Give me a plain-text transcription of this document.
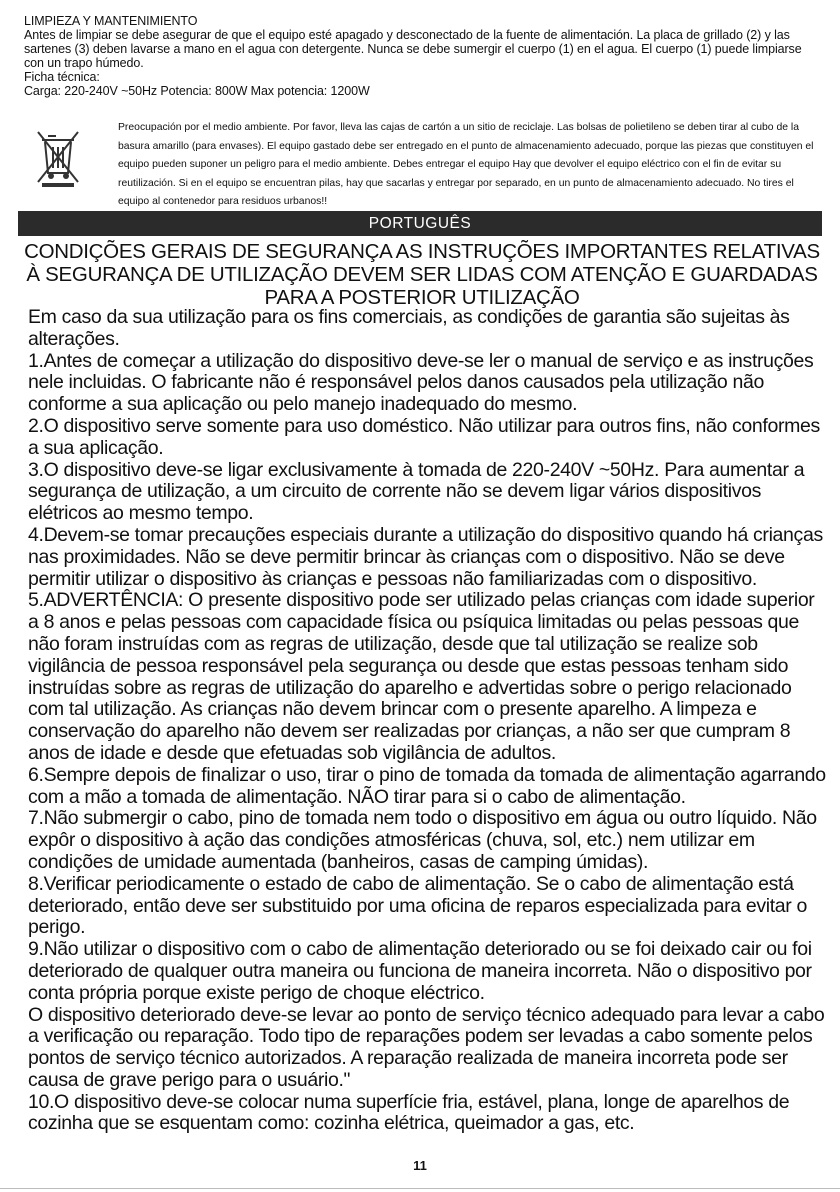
LIMPIEZA Y MANTENIMIENTO

Antes de limpiar se debe asegurar de que el equipo esté apagado y desconectado de la fuente de alimentación. La placa de grillado (2) y las sartenes (3) deben lavarse a mano en el agua con detergente. Nunca se debe sumergir el cuerpo (1) en el agua. El cuerpo (1) puede limpiarse con un trapo húmedo.

Ficha técnica:

Carga: 220-240V ~50Hz Potencia: 800W Max potencia: 1200W

Preocupación por el medio ambiente. Por favor, lleva las cajas de cartón a un sitio de reciclaje. Las bolsas de polietileno se deben tirar al cubo de la basura amarillo (para envases). El equipo gastado debe ser entregado en el punto de almacenamiento adecuado, porque las piezas que constituyen el equipo pueden suponer un peligro para el medio ambiente. Debes entregar el equipo Hay que devolver el equipo eléctrico con el fin de evitar su reutilización. Si en el equipo se encuentran pilas, hay que sacarlas y entregar por separado, en un punto de almacenamiento adecuado. No tires el equipo al contenedor para residuos urbanos!!

PORTUGUÊS
CONDIÇÕES GERAIS DE SEGURANÇA AS INSTRUÇÕES IMPORTANTES RELATIVAS À SEGURANÇA DE UTILIZAÇÃO DEVEM SER LIDAS COM ATENÇÃO E GUARDADAS PARA A POSTERIOR UTILIZAÇÃO

Em caso da sua utilização para os fins comerciais, as condições de garantia são sujeitas às alterações.

1.Antes de começar a utilização do dispositivo deve-se ler o manual de serviço e as instruções nele incluidas. O fabricante não é responsável pelos danos causados pela utilização não conforme a sua aplicação ou pelo manejo inadequado do mesmo.

2.O dispositivo serve somente para uso doméstico. Não utilizar para outros fins, não conformes a sua aplicação.

3.O dispositivo deve-se ligar exclusivamente à tomada de 220-240V ~50Hz. Para aumentar a segurança de utilização, a um circuito de corrente não se devem ligar vários dispositivos elétricos ao mesmo tempo.

4.Devem-se tomar precauções especiais durante a utilização do dispositivo quando há crianças nas proximidades. Não se deve permitir brincar às crianças com o dispositivo. Não se deve permitir utilizar o dispositivo às crianças e pessoas não familiarizadas com o dispositivo.

5.ADVERTÊNCIA: O presente dispositivo pode ser utilizado pelas crianças com idade superior a 8 anos e pelas pessoas com capacidade física ou psíquica limitadas ou pelas pessoas que não foram instruídas com as regras de utilização, desde que tal utilização se realize sob vigilância de pessoa responsável pela segurança ou desde que estas pessoas tenham sido instruídas sobre as regras de utilização do aparelho e advertidas sobre o perigo relacionado com tal utilização. As crianças não devem brincar com o presente aparelho. A limpeza e conservação do aparelho não devem ser realizadas por crianças, a não ser que cumpram 8 anos de idade e desde que efetuadas sob vigilância de adultos.

6.Sempre depois de finalizar o uso, tirar o pino de tomada da tomada de alimentação agarrando com a mão a tomada de alimentação. NÃO tirar para si o cabo de alimentação.

7.Não submergir o cabo, pino de tomada nem todo o dispositivo em água ou outro líquido. Não expôr o dispositivo à ação das condições atmosféricas (chuva, sol, etc.) nem utilizar em condições de umidade aumentada (banheiros, casas de camping úmidas).

8.Verificar periodicamente o estado de cabo de alimentação. Se o cabo de alimentação está deteriorado, então deve ser substituido por uma oficina de reparos especializada para evitar o perigo.

9.Não utilizar o dispositivo com o cabo de alimentação deteriorado ou se foi deixado cair ou foi deteriorado de qualquer outra maneira ou funciona de maneira incorreta. Não o dispositivo por conta própria porque existe perigo de choque eléctrico.

O dispositivo deteriorado deve-se levar ao ponto de serviço técnico adequado para levar a cabo a verificação ou reparação. Todo tipo de reparações podem ser levadas a cabo somente pelos pontos de serviço técnico autorizados. A reparação realizada de maneira incorreta pode ser causa de grave perigo para o usuário."

10.O dispositivo deve-se colocar numa superfície fria, estável, plana, longe de aparelhos de cozinha que se esquentam como: cozinha elétrica, queimador a gas, etc.

11
